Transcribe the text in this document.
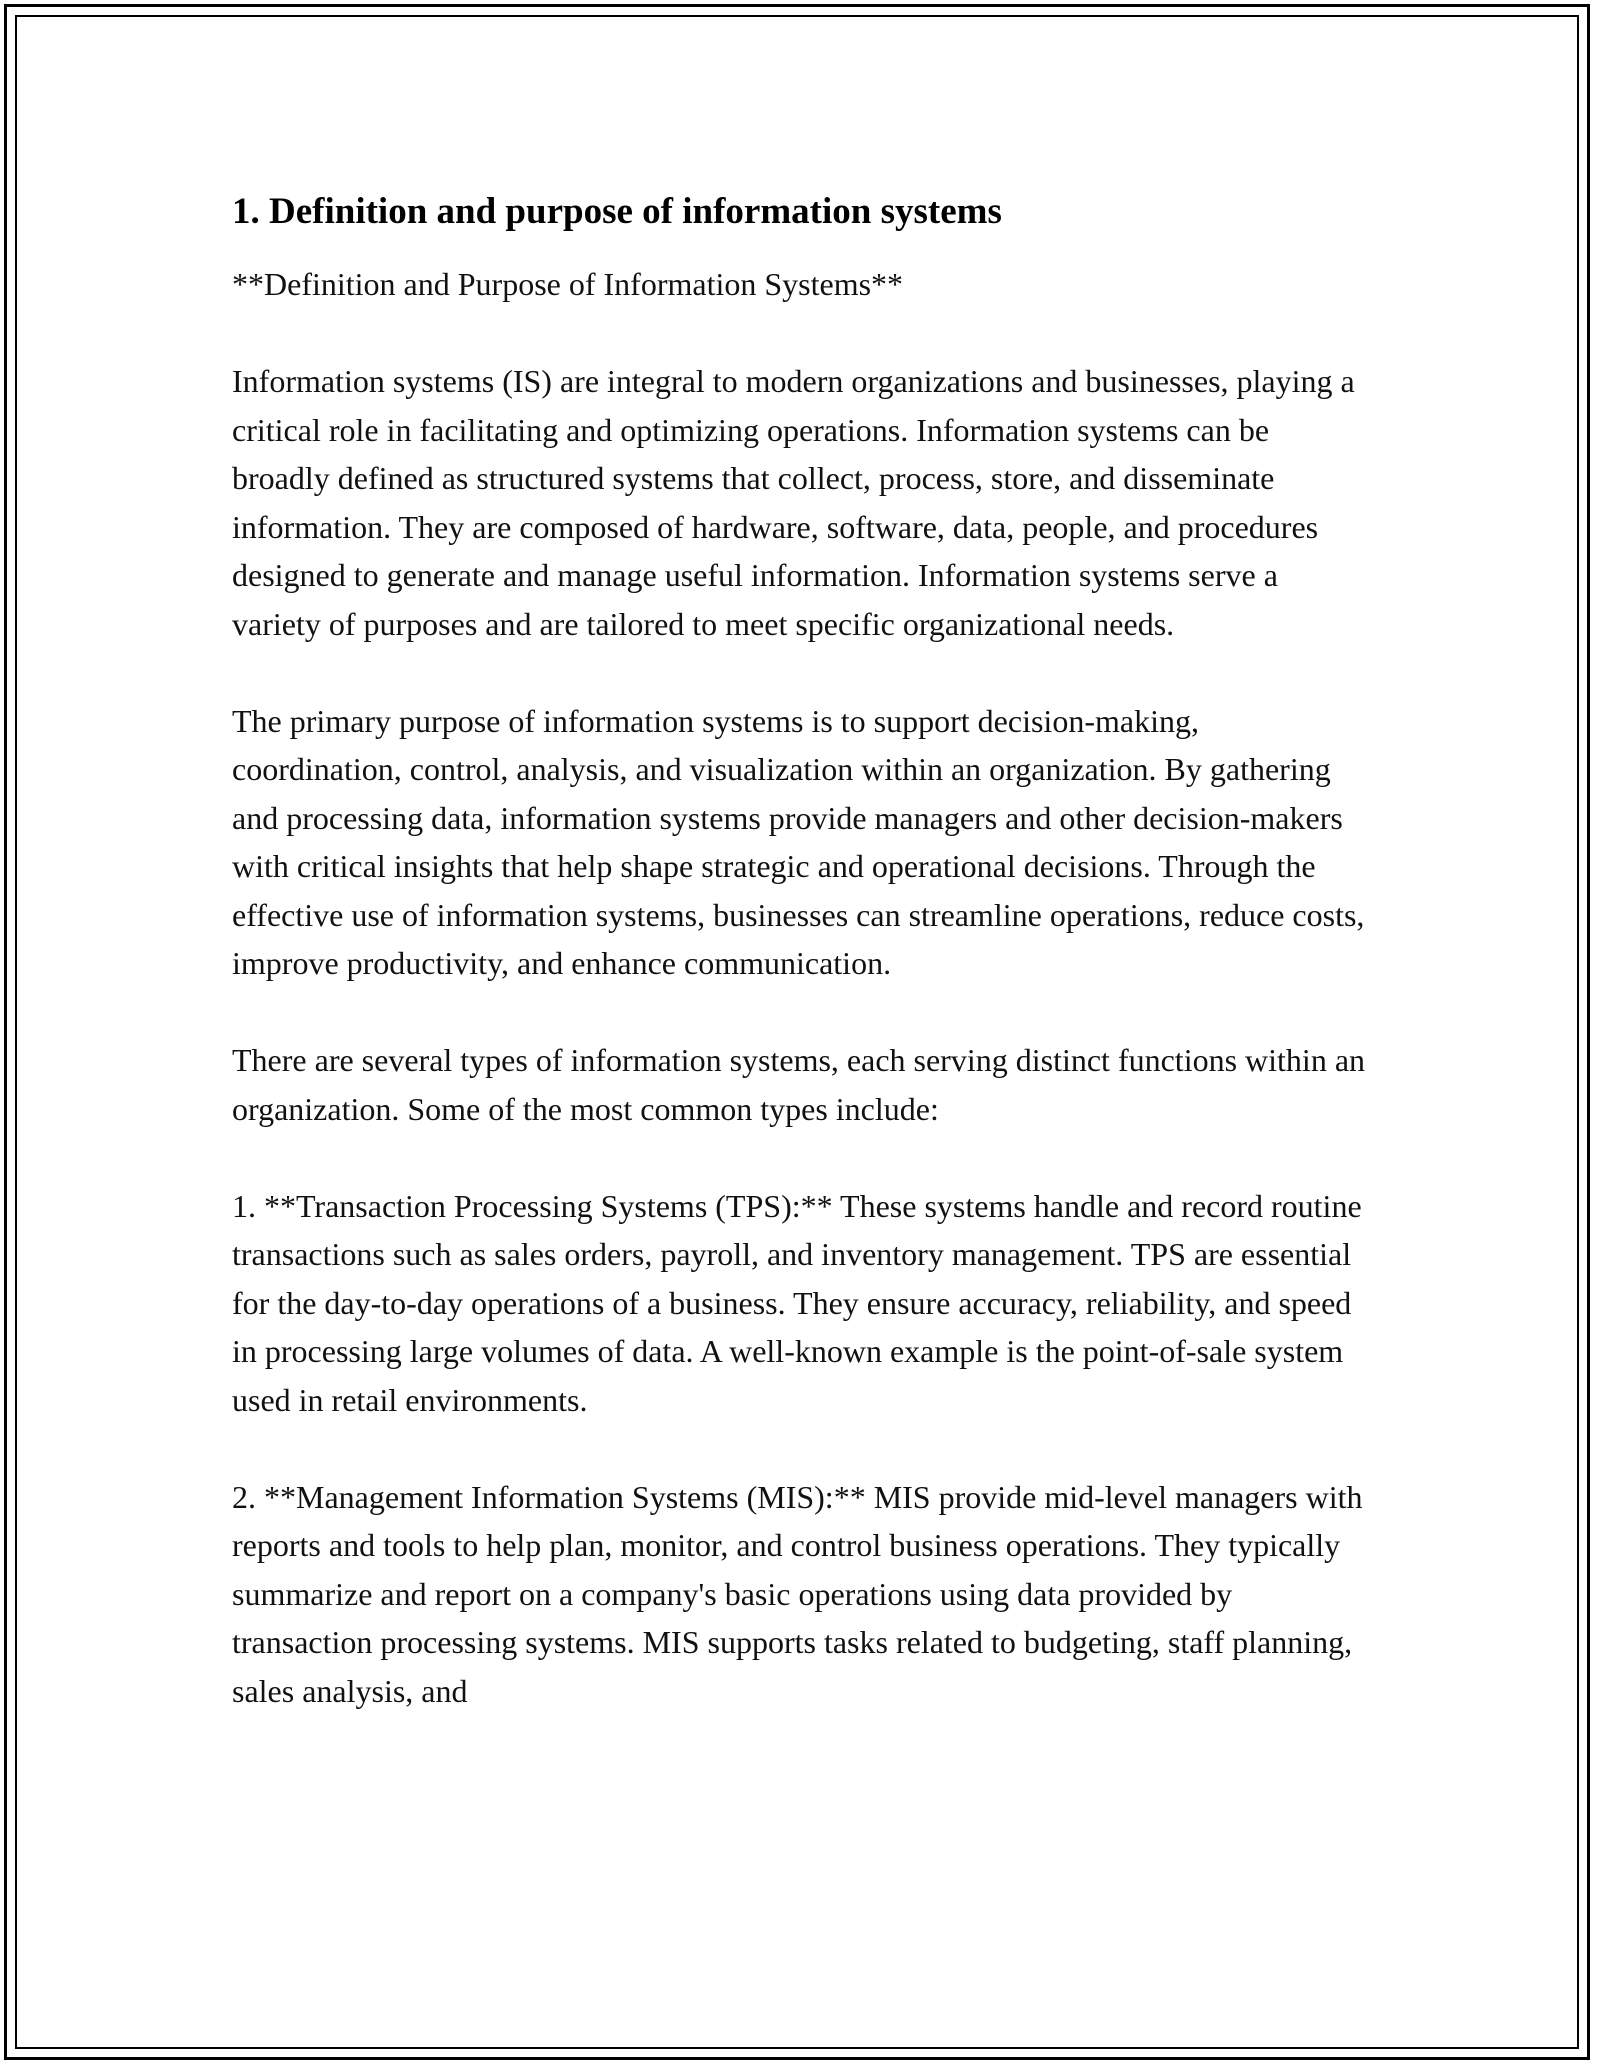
1. Definition and purpose of information systems

**Definition and Purpose of Information Systems**

Information systems (IS) are integral to modern organizations and businesses, playing a critical role in facilitating and optimizing operations. Information systems can be broadly defined as structured systems that collect, process, store, and disseminate information. They are composed of hardware, software, data, people, and procedures designed to generate and manage useful information. Information systems serve a variety of purposes and are tailored to meet specific organizational needs.

The primary purpose of information systems is to support decision-making, coordination, control, analysis, and visualization within an organization. By gathering and processing data, information systems provide managers and other decision-makers with critical insights that help shape strategic and operational decisions. Through the effective use of information systems, businesses can streamline operations, reduce costs, improve productivity, and enhance communication.

There are several types of information systems, each serving distinct functions within an organization. Some of the most common types include:

1. **Transaction Processing Systems (TPS):** These systems handle and record routine transactions such as sales orders, payroll, and inventory management. TPS are essential for the day-to-day operations of a business. They ensure accuracy, reliability, and speed in processing large volumes of data. A well-known example is the point-of-sale system used in retail environments.

2. **Management Information Systems (MIS):** MIS provide mid-level managers with reports and tools to help plan, monitor, and control business operations. They typically summarize and report on a company's basic operations using data provided by transaction processing systems. MIS supports tasks related to budgeting, staff planning, sales analysis, and
